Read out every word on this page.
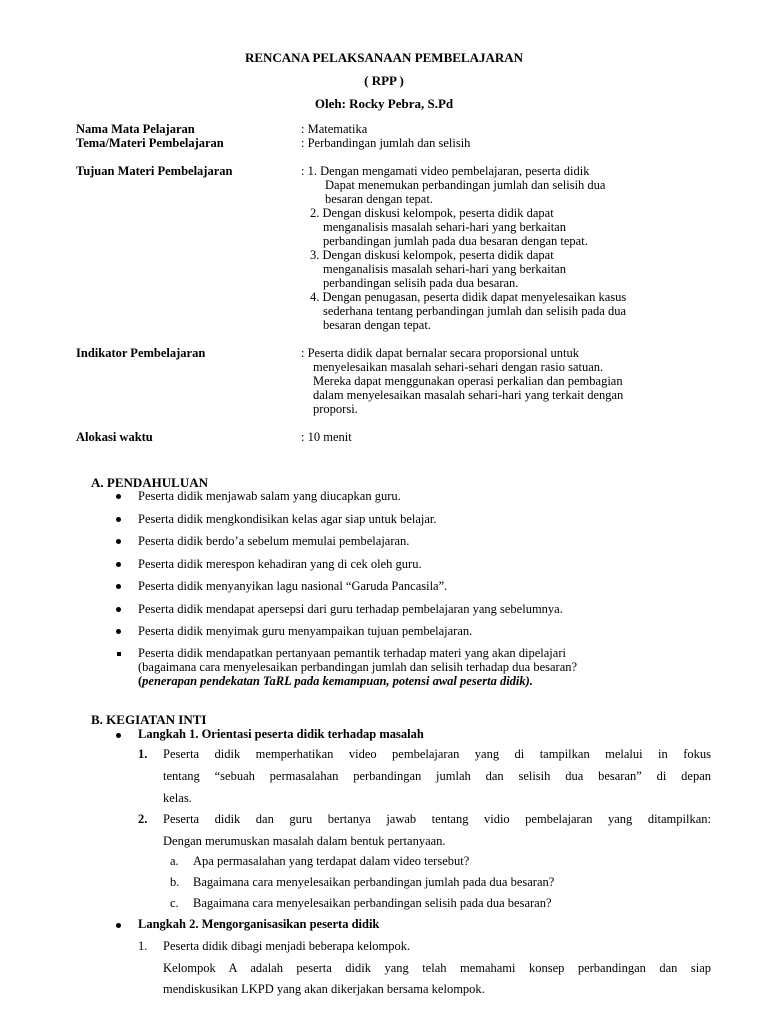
RENCANA PELAKSANAAN PEMBELAJARAN
( RPP )
Oleh: Rocky Pebra, S.Pd
Nama Mata Pelajaran	: Matematika
Tema/Materi Pembelajaran	: Perbandingan jumlah dan selisih
Tujuan Materi Pembelajaran	: 1. Dengan mengamati video pembelajaran, peserta didik
Dapat menemukan perbandingan jumlah dan selisih dua
besaran dengan tepat.
2. Dengan diskusi kelompok, peserta didik dapat
menganalisis masalah sehari-hari yang berkaitan
perbandingan jumlah pada dua besaran dengan tepat.
3. Dengan diskusi kelompok, peserta didik dapat
menganalisis masalah sehari-hari yang berkaitan
perbandingan selisih pada dua besaran.
4. Dengan penugasan, peserta didik dapat menyelesaikan kasus
sederhana tentang perbandingan jumlah dan selisih pada dua
besaran dengan tepat.
Indikator Pembelajaran	: Peserta didik dapat bernalar secara proporsional untuk
menyelesaikan masalah sehari-sehari dengan rasio satuan.
Mereka dapat menggunakan operasi perkalian dan pembagian
dalam menyelesaikan masalah sehari-hari yang terkait dengan
proporsi.
Alokasi waktu	: 10 menit
A. PENDAHULUAN
Peserta didik menjawab salam yang diucapkan guru.
Peserta didik mengkondisikan kelas agar siap untuk belajar.
Peserta didik berdo’a sebelum memulai pembelajaran.
Peserta didik merespon kehadiran yang di cek oleh guru.
Peserta didik menyanyikan lagu nasional “Garuda Pancasila”.
Peserta didik mendapat apersepsi dari guru terhadap pembelajaran yang sebelumnya.
Peserta didik menyimak guru menyampaikan tujuan pembelajaran.
Peserta didik mendapatkan pertanyaan pemantik terhadap materi yang akan dipelajari
(bagaimana cara menyelesaikan perbandingan jumlah dan selisih terhadap dua besaran?
(penerapan pendekatan TaRL pada kemampuan, potensi awal peserta didik).
B. KEGIATAN INTI
Langkah 1. Orientasi peserta didik terhadap masalah
1. Peserta didik memperhatikan video pembelajaran yang di tampilkan melalui in fokus
tentang “sebuah permasalahan perbandingan jumlah dan selisih dua besaran” di depan
kelas.
2. Peserta didik dan guru bertanya jawab tentang vidio pembelajaran yang ditampilkan:
Dengan merumuskan masalah dalam bentuk pertanyaan.
a. Apa permasalahan yang terdapat dalam video tersebut?
b. Bagaimana cara menyelesaikan perbandingan jumlah pada dua besaran?
c. Bagaimana cara menyelesaikan perbandingan selisih pada dua besaran?
Langkah 2. Mengorganisasikan peserta didik
1. Peserta didik dibagi menjadi beberapa kelompok.
Kelompok A adalah peserta didik yang telah memahami konsep perbandingan dan siap
mendiskusikan LKPD yang akan dikerjakan bersama kelompok.
